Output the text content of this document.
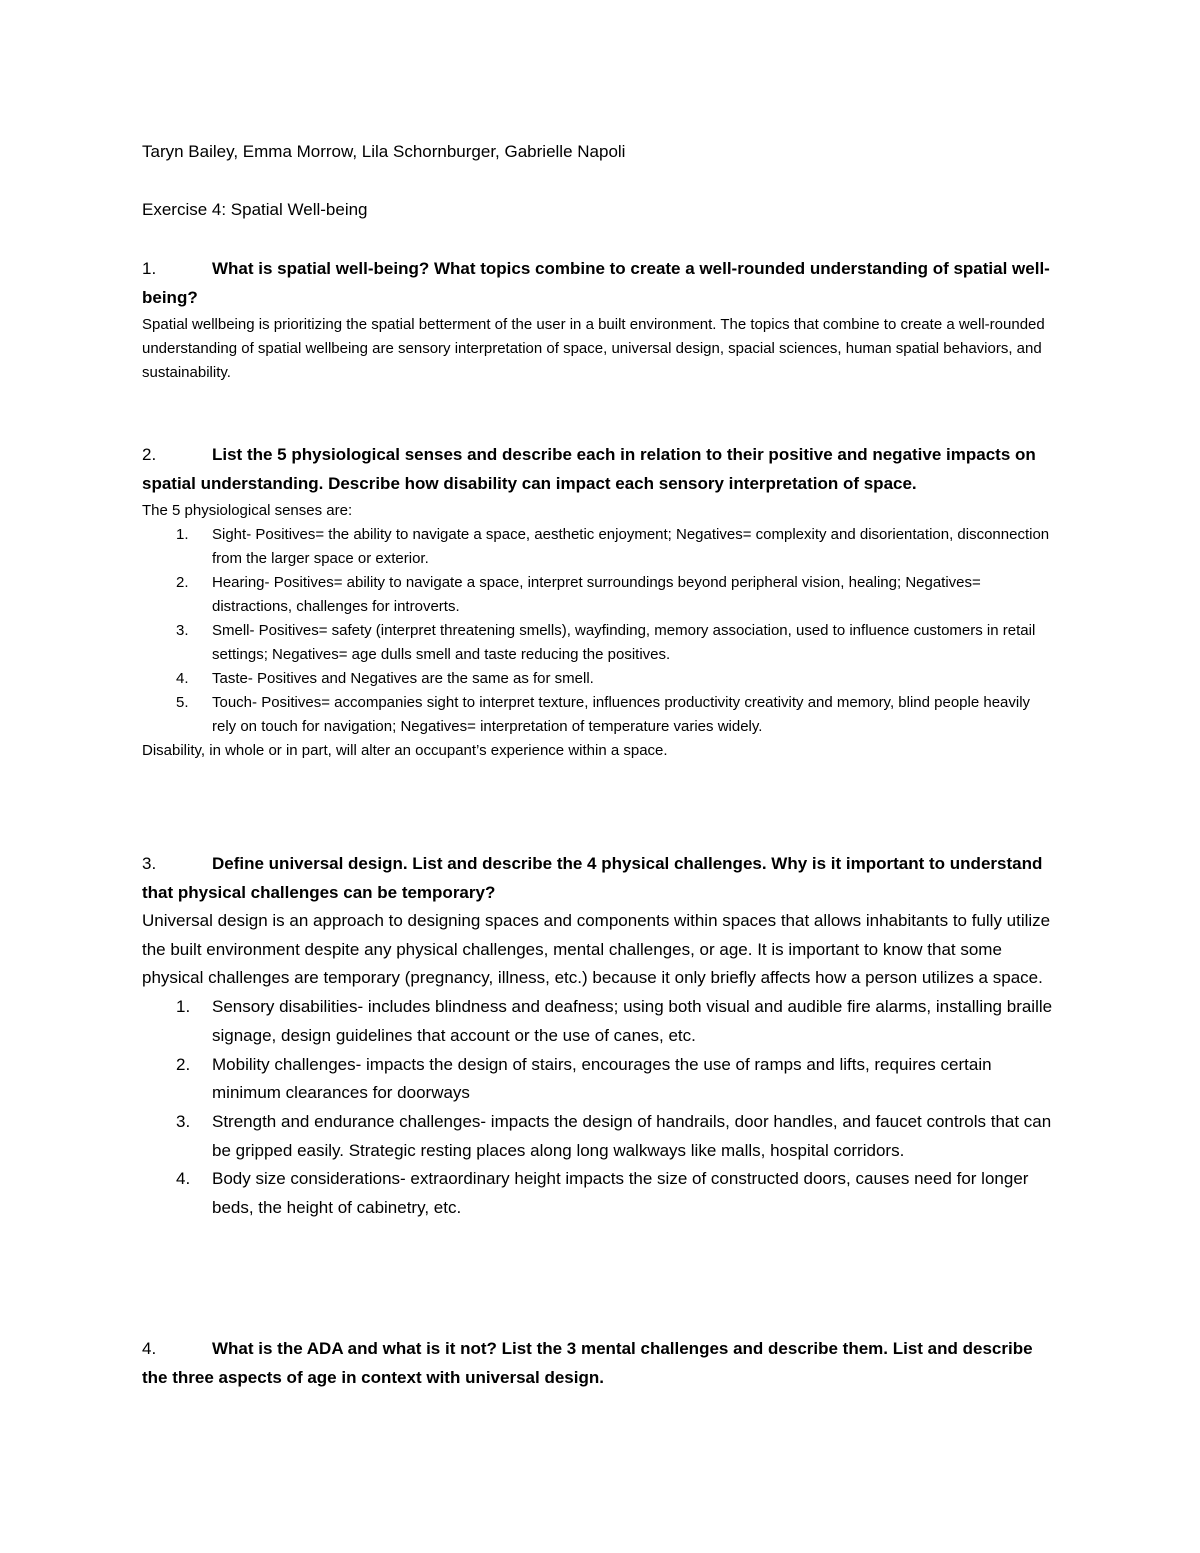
Taryn Bailey, Emma Morrow, Lila Schornburger, Gabrielle Napoli
Exercise 4: Spatial Well-being
1.	What is spatial well-being? What topics combine to create a well-rounded understanding of spatial well-being?

Spatial wellbeing is prioritizing the spatial betterment of the user in a built environment. The topics that combine to create a well-rounded understanding of spatial wellbeing are sensory interpretation of space, universal design, spacial sciences, human spatial behaviors, and sustainability.

2.	List the 5 physiological senses and describe each in relation to their positive and negative impacts on spatial understanding. Describe how disability can impact each sensory interpretation of space.

The 5 physiological senses are:

1. Sight- Positives= the ability to navigate a space, aesthetic enjoyment; Negatives= complexity and disorientation, disconnection from the larger space or exterior.
2. Hearing- Positives= ability to navigate a space, interpret surroundings beyond peripheral vision, healing; Negatives= distractions, challenges for introverts.
3. Smell- Positives= safety (interpret threatening smells), wayfinding, memory association, used to influence customers in retail settings; Negatives= age dulls smell and taste reducing the positives.
4. Taste- Positives and Negatives are the same as for smell.
5. Touch- Positives= accompanies sight to interpret texture, influences productivity creativity and memory, blind people heavily rely on touch for navigation; Negatives= interpretation of temperature varies widely.

Disability, in whole or in part, will alter an occupant’s experience within a space.

3.	Define universal design. List and describe the 4 physical challenges. Why is it important to understand that physical challenges can be temporary?

Universal design is an approach to designing spaces and components within spaces that allows inhabitants to fully utilize the built environment despite any physical challenges, mental challenges, or age. It is important to know that some physical challenges are temporary (pregnancy, illness, etc.) because it only briefly affects how a person utilizes a space.

1. Sensory disabilities- includes blindness and deafness; using both visual and audible fire alarms, installing braille signage, design guidelines that account or the use of canes, etc.
2. Mobility challenges- impacts the design of stairs, encourages the use of ramps and lifts, requires certain minimum clearances for doorways
3. Strength and endurance challenges- impacts the design of handrails, door handles, and faucet controls that can be gripped easily. Strategic resting places along long walkways like malls, hospital corridors.
4. Body size considerations- extraordinary height impacts the size of constructed doors, causes need for longer beds, the height of cabinetry, etc.
4.	What is the ADA and what is it not? List the 3 mental challenges and describe them. List and describe the three aspects of age in context with universal design.
